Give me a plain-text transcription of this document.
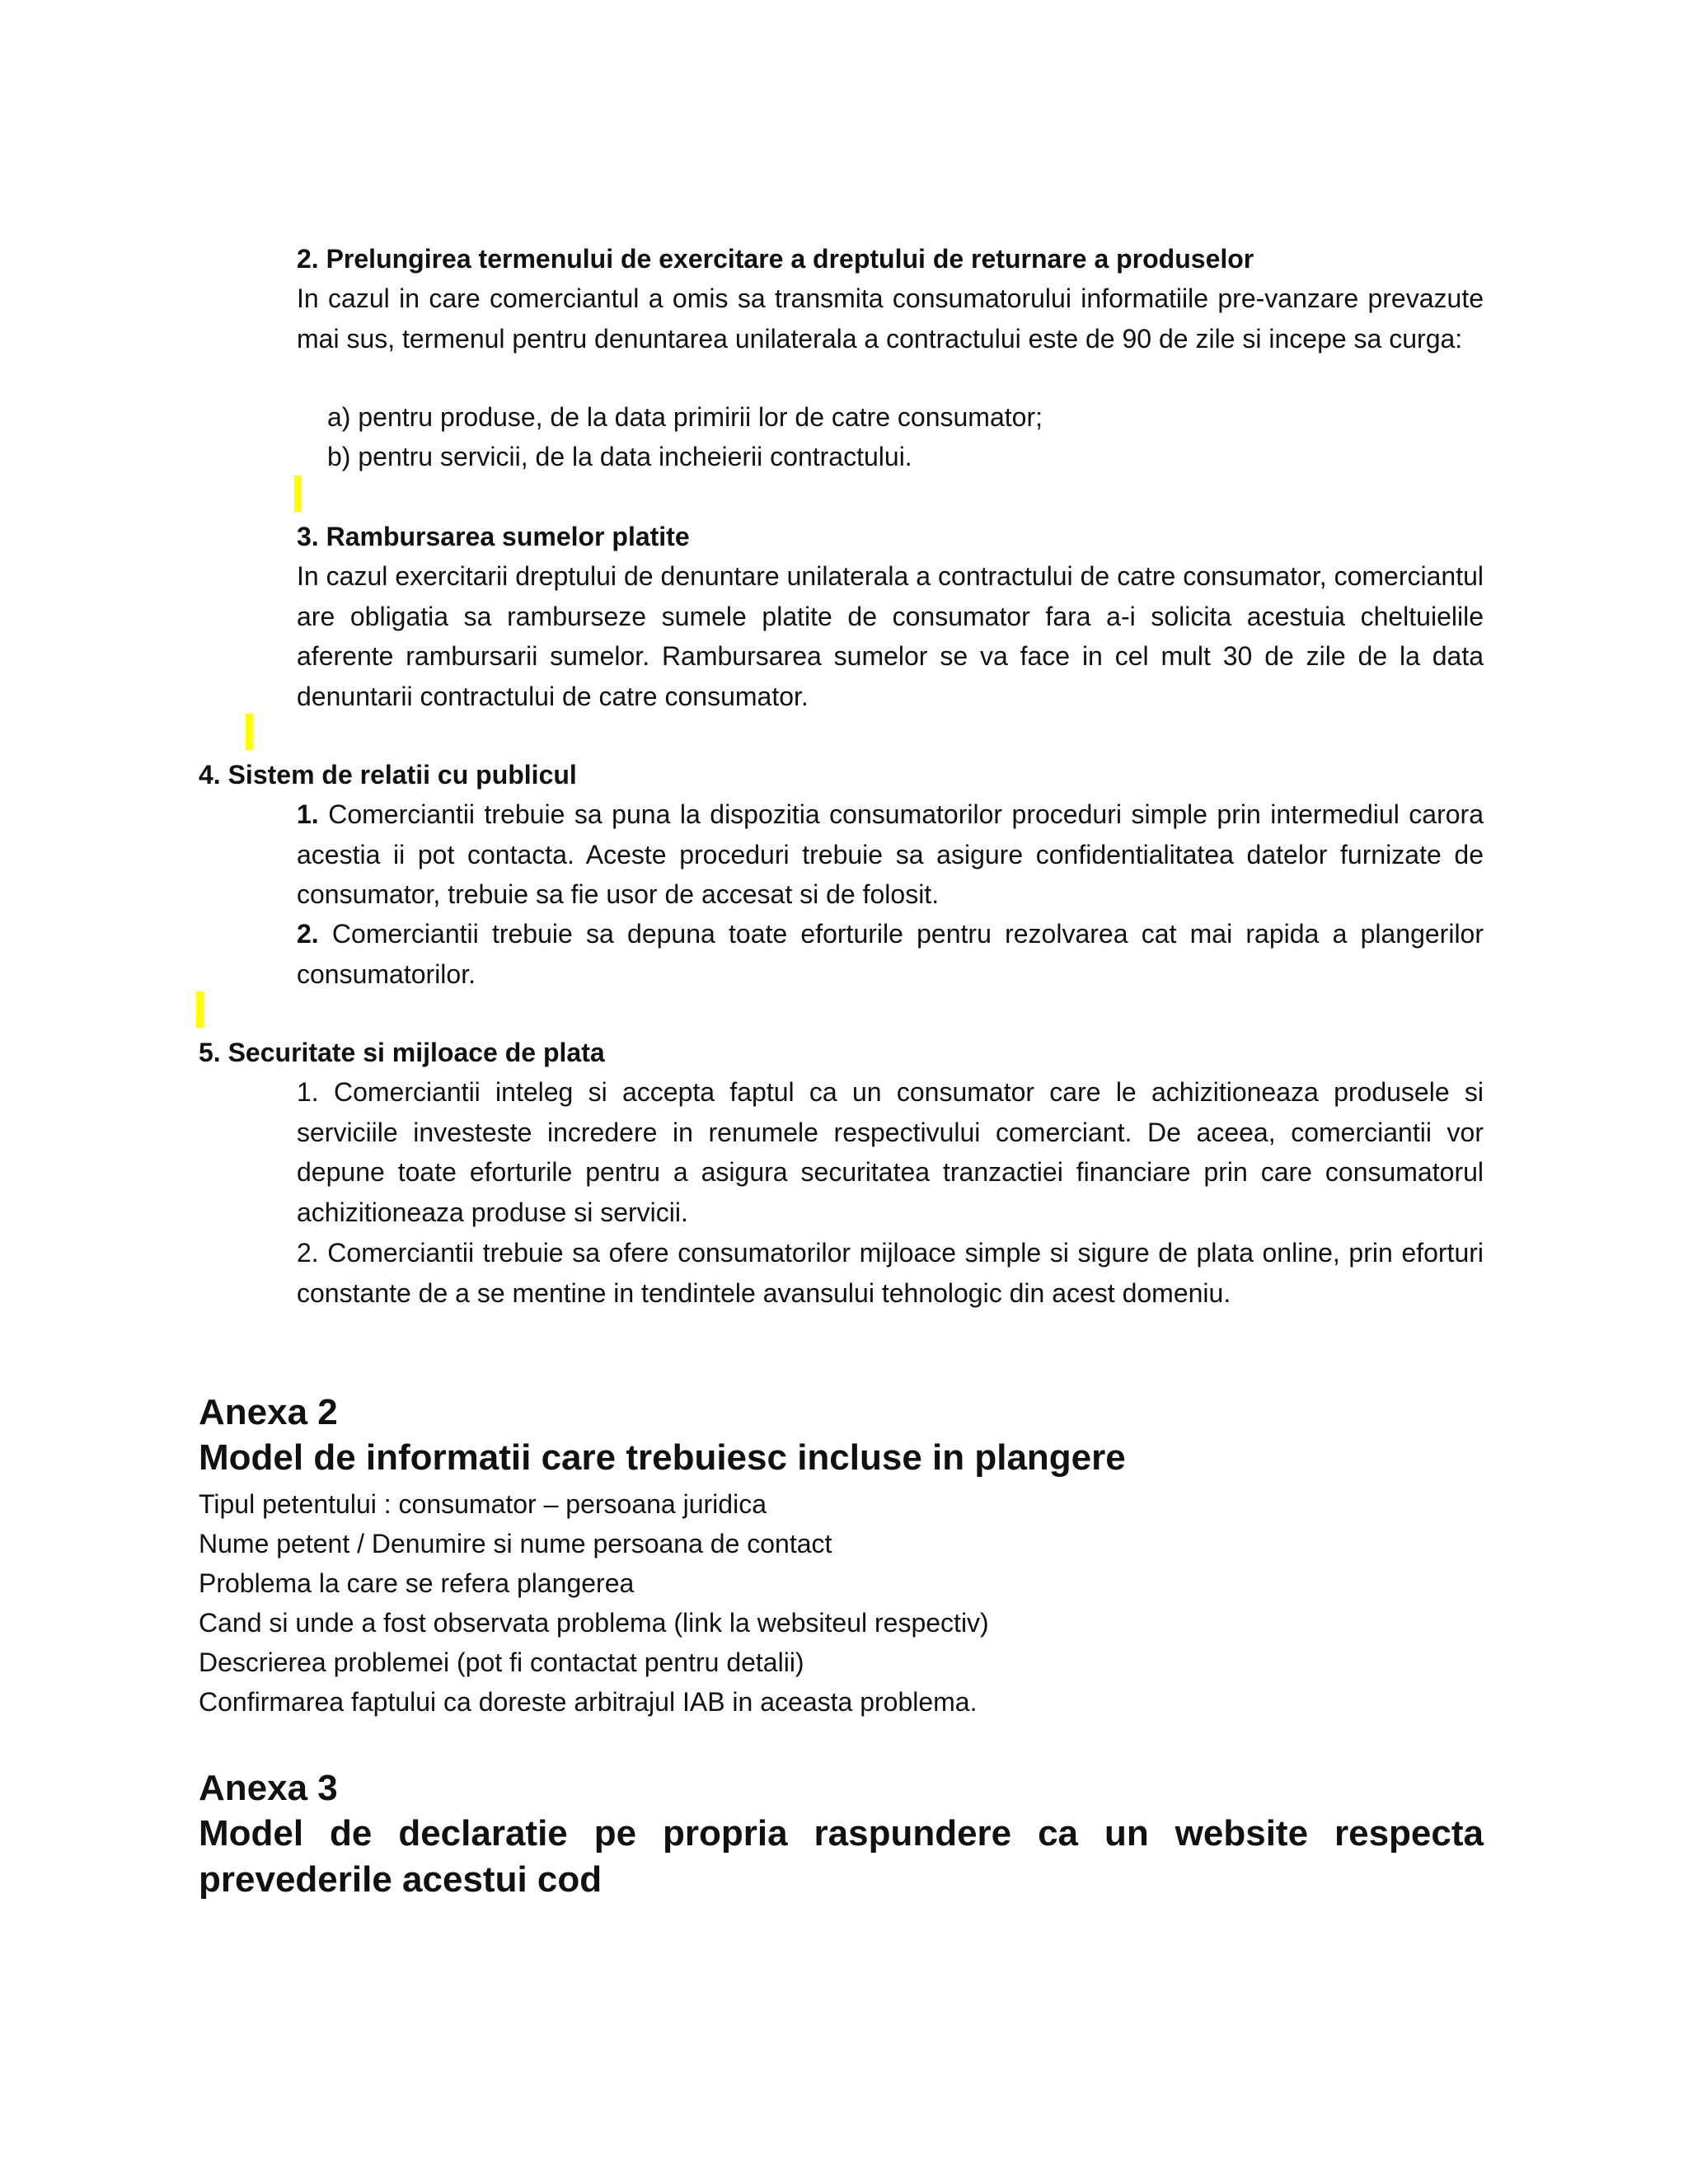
2. Prelungirea termenului de exercitare a dreptului de returnare a produselor
In cazul in care comerciantul a omis sa transmita consumatorului informatiile pre-vanzare prevazute mai sus, termenul pentru denuntarea unilaterala a contractului este de 90 de zile si incepe sa curga:
a) pentru produse, de la data primirii lor de catre consumator;
b) pentru servicii, de la data incheierii contractului.
3. Rambursarea sumelor platite
In cazul exercitarii dreptului de denuntare unilaterala a contractului de catre consumator, comerciantul are obligatia sa ramburseze sumele platite de consumator fara a-i solicita acestuia cheltuielile aferente rambursarii sumelor. Rambursarea sumelor se va face in cel mult 30 de zile de la data denuntarii contractului de catre consumator.
4. Sistem de relatii cu publicul
1. Comerciantii trebuie sa puna la dispozitia consumatorilor proceduri simple prin intermediul carora acestia ii pot contacta. Aceste proceduri trebuie sa asigure confidentialitatea datelor furnizate de consumator, trebuie sa fie usor de accesat si de folosit.
2. Comerciantii trebuie sa depuna toate eforturile pentru rezolvarea cat mai rapida a plangerilor consumatorilor.
5. Securitate si mijloace de plata
1. Comerciantii inteleg si accepta faptul ca un consumator care le achizitioneaza produsele si serviciile investeste incredere in renumele respectivului comerciant. De aceea, comerciantii vor depune toate eforturile pentru a asigura securitatea tranzactiei financiare prin care consumatorul achizitioneaza produse si servicii.
2. Comerciantii trebuie sa ofere consumatorilor mijloace simple si sigure de plata online, prin eforturi constante de a se mentine in tendintele avansului tehnologic din acest domeniu.
Anexa 2
Model de informatii care trebuiesc incluse in plangere
Tipul petentului : consumator – persoana juridica
Nume petent / Denumire si nume persoana de contact
Problema la care se refera plangerea
Cand si unde a fost observata problema (link la websiteul respectiv)
Descrierea problemei (pot fi contactat pentru detalii)
Confirmarea faptului ca doreste arbitrajul IAB in aceasta problema.
Anexa 3
Model de declaratie pe propria raspundere ca un website respecta prevederile acestui cod
